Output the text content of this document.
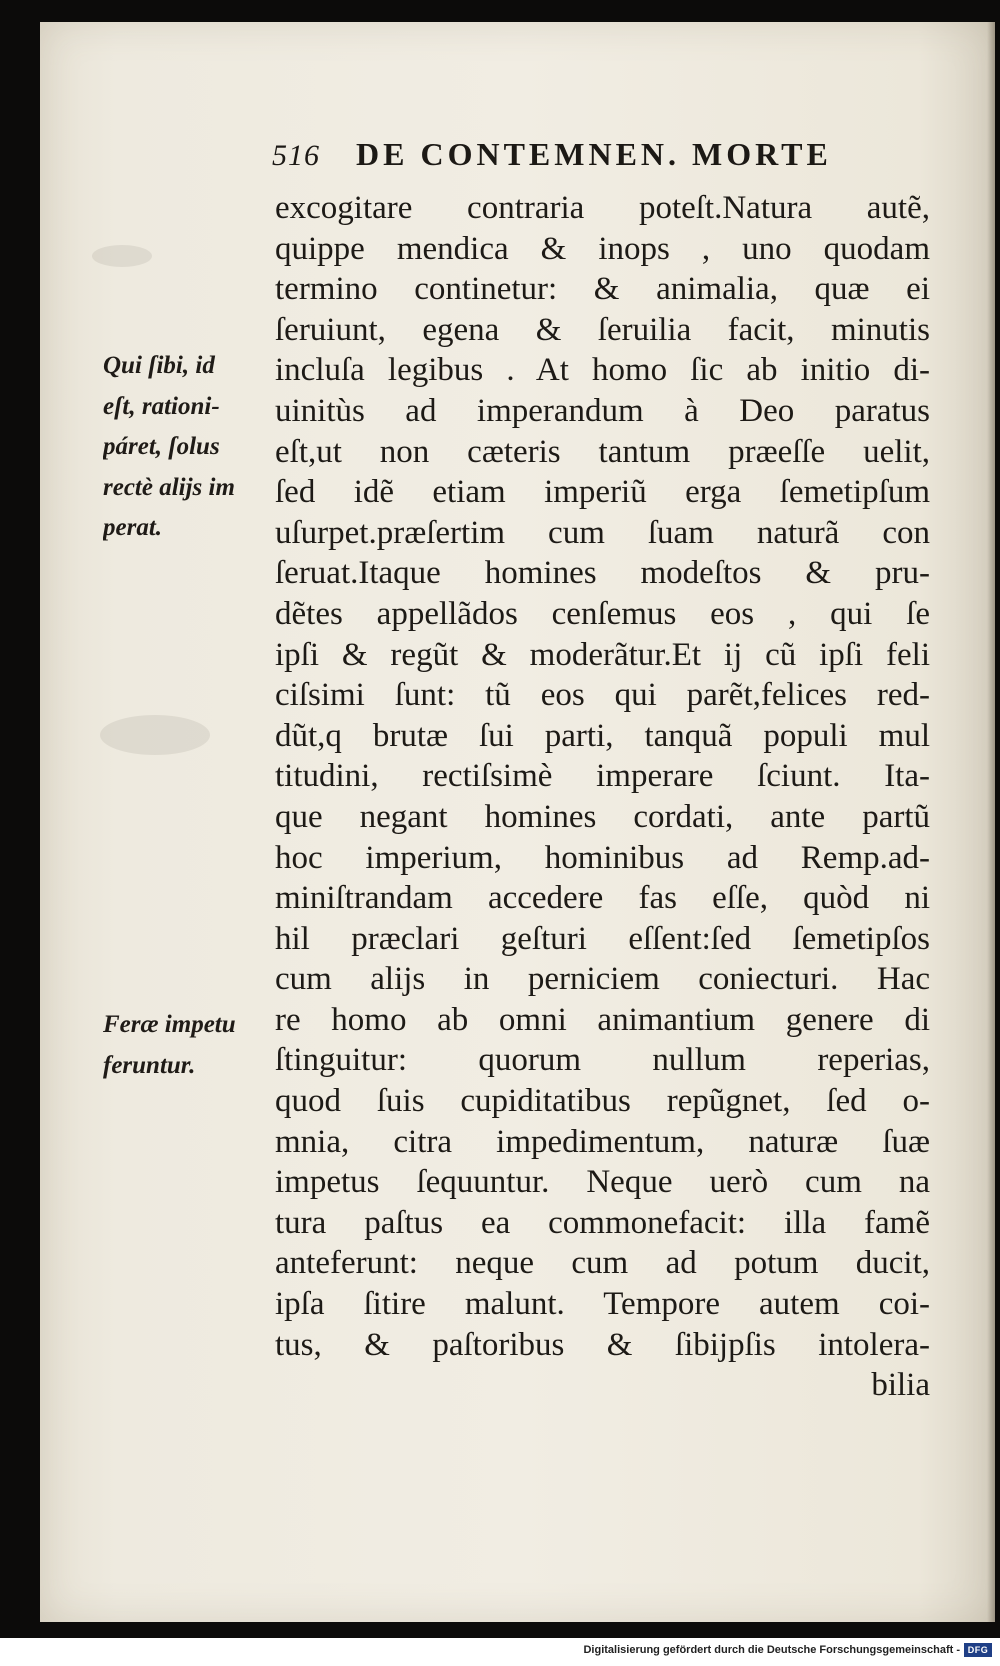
516 DE CONTEMNEN. MORTE
excogitare contraria poteſt.Natura autẽ,
quippe mendica & inops , uno quodam
termino continetur: & animalia, quæ ei
ſeruiunt, egena & ſeruilia facit, minutis
incluſa legibus . At homo ſic ab initio di-
uinitùs ad imperandum à Deo paratus
eſt,ut non cæteris tantum præeſſe uelit,
ſed idẽ etiam imperiũ erga ſemetipſum
uſurpet.præſertim cum ſuam naturã con
ſeruat.Itaque homines modeſtos & pru-
dẽtes appellãdos cenſemus eos , qui ſe
ipſi & regũt & moderãtur.Et ij cũ ipſi feli
ciſsimi ſunt: tũ eos qui parẽt,felices red-
dũt,q brutæ ſui parti, tanquã populi mul
titudini, rectiſsimè imperare ſciunt. Ita-
que negant homines cordati, ante partũ
hoc imperium, hominibus ad Remp.ad-
miniſtrandam accedere fas eſſe, quòd ni
hil præclari geſturi eſſent:ſed ſemetipſos
cum alijs in perniciem coniecturi. Hac
re homo ab omni animantium genere di
ſtinguitur: quorum nullum reperias,
quod ſuis cupiditatibus repũgnet, ſed o-
mnia, citra impedimentum, naturæ ſuæ
impetus ſequuntur. Neque uerò cum na
tura paſtus ea commonefacit: illa famẽ
anteferunt: neque cum ad potum ducit,
ipſa ſitire malunt. Tempore autem coi-
tus, & paſtoribus & ſibijpſis intolera-
bilia
Qui ſibi, id
eſt, rationi-
páret, ſolus
rectè alijs im
perat.
Feræ impetu
feruntur.
Digitalisierung gefördert durch die Deutsche Forschungsgemeinschaft - DFG
